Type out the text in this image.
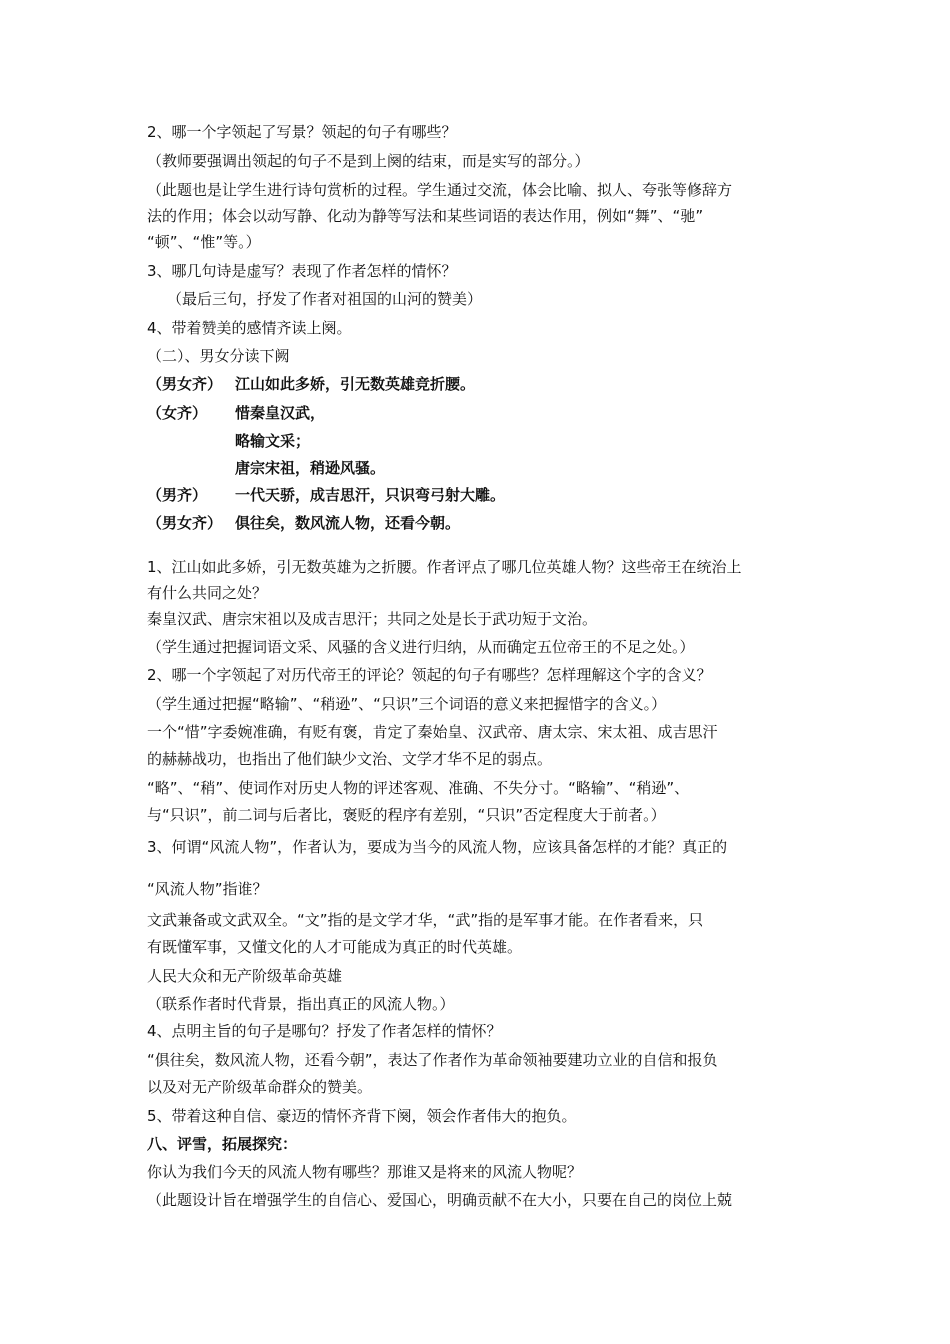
2、哪一个字领起了写景？领起的句子有哪些？

（教师要强调出领起的句子不是到上阕的结束，而是实写的部分。）

（此题也是让学生进行诗句赏析的过程。学生通过交流，体会比喻、拟人、夸张等修辞方

法的作用；体会以动写静、化动为静等写法和某些词语的表达作用，例如“舞”、“驰”

“顿”、“惟”等。）

3、哪几句诗是虚写？表现了作者怎样的情怀？

（最后三句，抒发了作者对祖国的山河的赞美）

4、带着赞美的感情齐读上阕。

（二）、男女分读下阙

（男女齐） 江山如此多娇，引无数英雄竞折腰。

（女齐） 惜秦皇汉武，

略输文采；

唐宗宋祖，稍逊风骚。

（男齐） 一代天骄，成吉思汗，只识弯弓射大雕。

（男女齐） 俱往矣，数风流人物，还看今朝。

1、江山如此多娇，引无数英雄为之折腰。作者评点了哪几位英雄人物？这些帝王在统治上

有什么共同之处？

秦皇汉武、唐宗宋祖以及成吉思汗；共同之处是长于武功短于文治。

（学生通过把握词语文采、风骚的含义进行归纳，从而确定五位帝王的不足之处。）

2、哪一个字领起了对历代帝王的评论？领起的句子有哪些？怎样理解这个字的含义？

（学生通过把握“略输”、“稍逊”、“只识”三个词语的意义来把握惜字的含义。）

一个“惜”字委婉准确，有贬有褒，肯定了秦始皇、汉武帝、唐太宗、宋太祖、成吉思汗

的赫赫战功，也指出了他们缺少文治、文学才华不足的弱点。

“略”、“稍”、使词作对历史人物的评述客观、准确、不失分寸。“略输”、“稍逊”、

与“只识”，前二词与后者比，褒贬的程序有差别，“只识”否定程度大于前者。）

3、何谓“风流人物”，作者认为，要成为当今的风流人物，应该具备怎样的才能？真正的

“风流人物”指谁？

文武兼备或文武双全。“文”指的是文学才华，“武”指的是军事才能。在作者看来，只

有既懂军事，又懂文化的人才可能成为真正的时代英雄。

人民大众和无产阶级革命英雄

（联系作者时代背景，指出真正的风流人物。）

4、点明主旨的句子是哪句？抒发了作者怎样的情怀？

“俱往矣，数风流人物，还看今朝”，表达了作者作为革命领袖要建功立业的自信和报负

以及对无产阶级革命群众的赞美。

5、带着这种自信、豪迈的情怀齐背下阕，领会作者伟大的抱负。

八、评雪，拓展探究：

你认为我们今天的风流人物有哪些？那谁又是将来的风流人物呢？

（此题设计旨在增强学生的自信心、爱国心，明确贡献不在大小，只要在自己的岗位上兢
